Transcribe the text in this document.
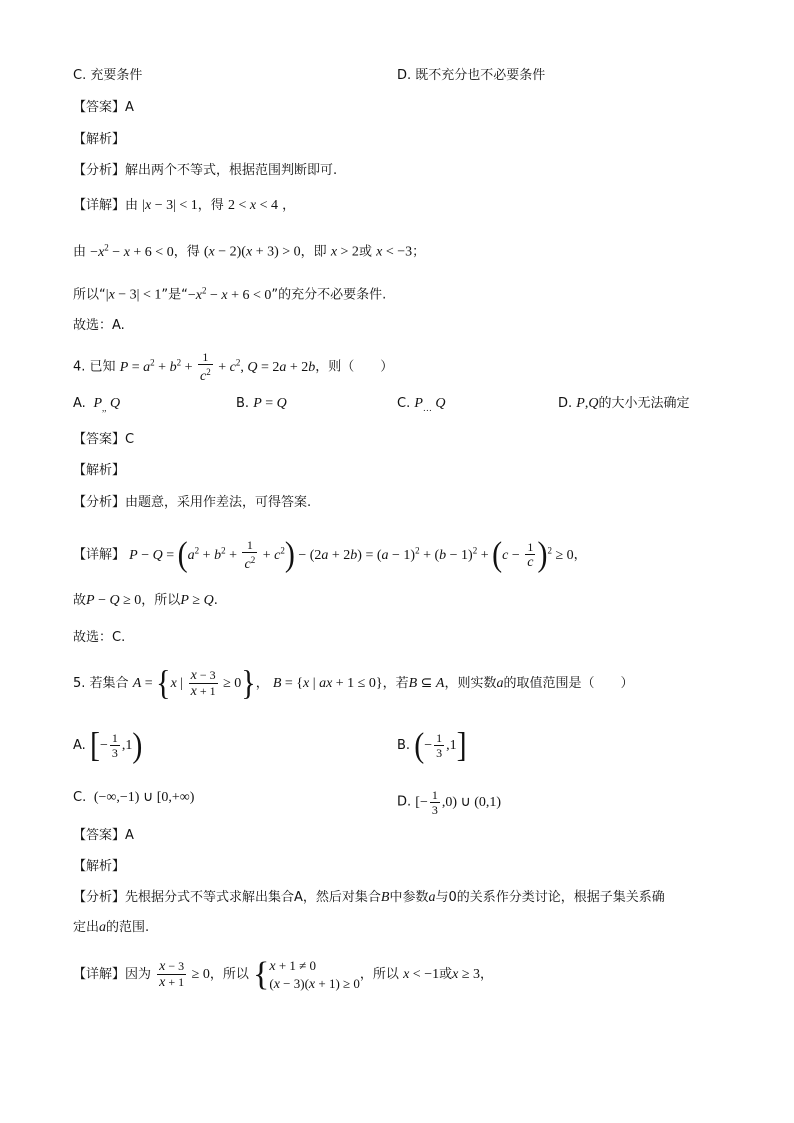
C. 充要条件	D. 既不充分也不必要条件
【答案】A
【解析】
【分析】解出两个不等式，根据范围判断即可.
【详解】由 |x − 3| < 1，得 2 < x < 4 ，
由 $-x^2 - x + 6 < 0$，得 (x − 2)(x + 3) > 0，即 x > 2或 x < −3；
所以“|x − 3| < 1”是“$-x^2 - x + 6 < 0$”的充分不必要条件.
故选：A.
4. 已知 $P = a^2 + b^2 + \frac{1}{c^2} + c^2$, Q = 2a + 2b，则（　　）
A. $P_{,,}$ Q	B. P = Q	C. $P_\dots$ Q	D. P,Q的大小无法确定
【答案】C
【解析】
【分析】由题意，采用作差法，可得答案.
【详解】 $P - Q = (a^2 + b^2 + \frac{1}{c^2} + c^2) - (2a + 2b) = (a - 1)^2 + (b - 1)^2 + (c - \frac{1}{c} )^2 \ge 0$，
故P − Q ≥ 0，所以P ≥ Q.
故选：C.
5. 若集合 A = {x | $\frac{x - 3}{x + 1} \ge 0$}， B = {x | ax + 1 ≤ 0}，若B ⊆ A，则实数a的取值范围是（　　）
A. [− $\frac{1}{3} ,1$)	B. (− $\frac{1}{3} ,1$]
C.  (−∞,−1) ∪ [0,+∞)	D. [− $\frac{1}{3} ,0$) ∪ (0,1)
【答案】A
【解析】
【分析】先根据分式不等式求解出集合A，然后对集合B中参数a与0的关系作分类讨论，根据子集关系确
定出a的范围.
【详解】因为 $\frac{x - 3}{x + 1} \ge 0$，所以 {x + 1 ≠ 0
(x − 3)(x + 1) ≥ 0，所以 x < −1或x ≥ 3，
